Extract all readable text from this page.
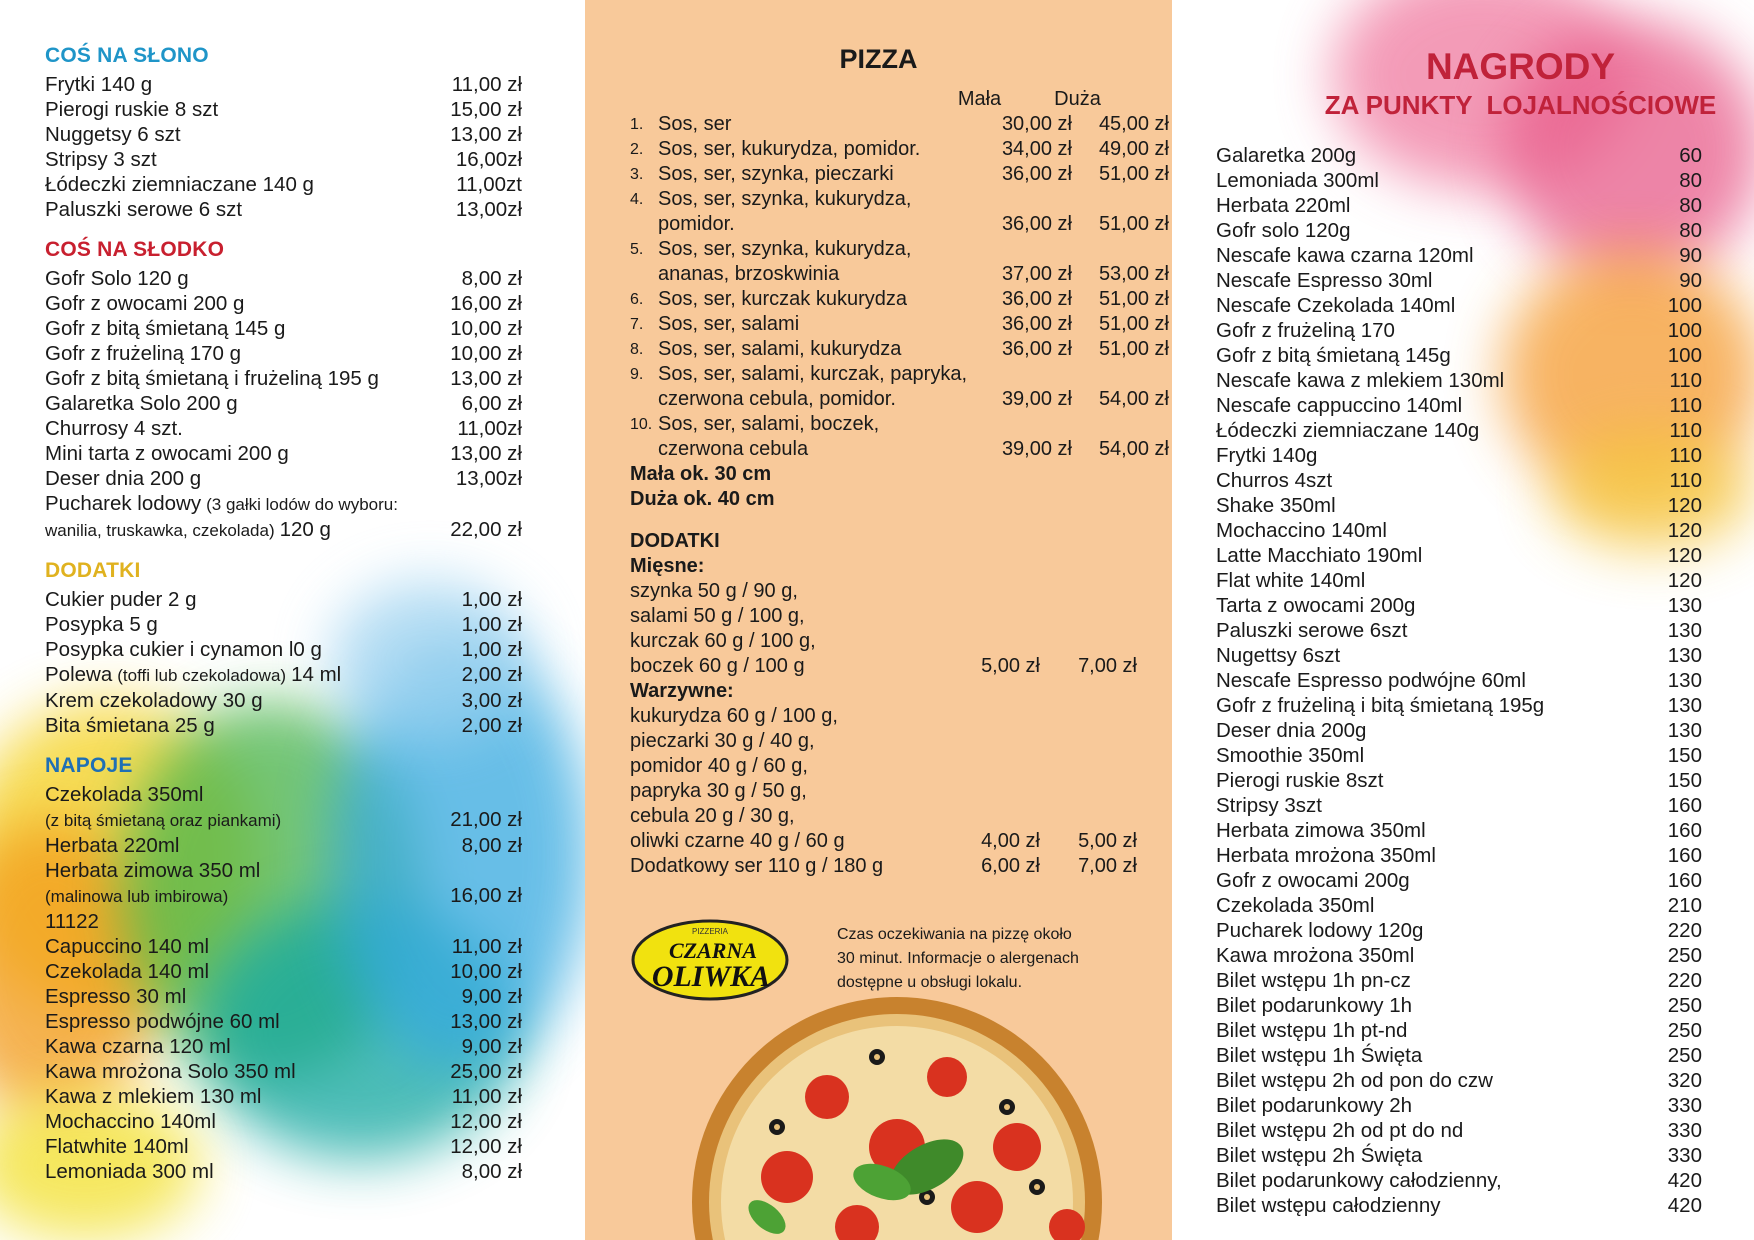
COŚ NA SŁONO
Frytki 140 g	11,00 zł
Pierogi ruskie 8 szt	15,00 zł
Nuggetsy 6 szt	13,00 zł
Stripsy 3 szt	16,00zł
Łódeczki ziemniaczane 140 g	11,00zt
Paluszki serowe 6 szt	13,00zł
COŚ NA SŁODKO
Gofr Solo 120 g	8,00 zł
Gofr z owocami 200 g	16,00 zł
Gofr z bitą śmietaną 145 g	10,00 zł
Gofr z frużeliną 170 g	10,00 zł
Gofr z bitą śmietaną i frużeliną 195 g	13,00 zł
Galaretka Solo 200 g	6,00 zł
Churrosy 4 szt.	11,00zł
Mini tarta z owocami 200 g	13,00 zł
Deser dnia 200 g	13,00zł
Pucharek lodowy (3 gałki lodów do wyboru:
wanilia, truskawka, czekolada) 120 g	22,00 zł
DODATKI
Cukier puder 2 g	1,00 zł
Posypka 5 g	1,00 zł
Posypka cukier i cynamon l0 g	1,00 zł
Polewa (toffi lub czekoladowa) 14 ml	2,00 zł
Krem czekoladowy 30 g	3,00 zł
Bita śmietana 25 g	2,00 zł
NAPOJE
Czekolada 350ml
(z bitą śmietaną oraz piankami)	21,00 zł
Herbata 220ml	8,00 zł
Herbata zimowa 350 ml
(malinowa lub imbirowa)	16,00 zł
11122
Capuccino 140 ml	11,00 zł
Czekolada 140 ml	10,00 zł
Espresso 30 ml	9,00 zł
Espresso podwójne 60 ml	13,00 zł
Kawa czarna 120 ml	9,00 zł
Kawa mrożona Solo 350 ml	25,00 zł
Kawa z mlekiem 130 ml	11,00 zł
Mochaccino 140ml	12,00 zł
Flatwhite 140ml	12,00 zł
Lemoniada 300 ml	8,00 zł
PIZZA
Mała	Duża
1. Sos, ser	30,00 zł	45,00 zł
2. Sos, ser, kukurydza, pomidor.	34,00 zł	49,00 zł
3. Sos, ser, szynka, pieczarki	36,00 zł	51,00 zł
4. Sos, ser, szynka, kukurydza,
pomidor.	36,00 zł	51,00 zł
5. Sos, ser, szynka, kukurydza,
ananas, brzoskwinia	37,00 zł	53,00 zł
6. Sos, ser, kurczak kukurydza	36,00 zł	51,00 zł
7. Sos, ser, salami	36,00 zł	51,00 zł
8. Sos, ser, salami, kukurydza	36,00 zł	51,00 zł
9. Sos, ser, salami, kurczak, papryka,
czerwona cebula, pomidor.	39,00 zł	54,00 zł
10. Sos, ser, salami, boczek,
czerwona cebula	39,00 zł	54,00 zł
Mała ok. 30 cm
Duża ok. 40 cm
DODATKI
Mięsne:
szynka 50 g / 90 g,
salami 50 g / 100 g,
kurczak 60 g / 100 g,
boczek 60 g / 100 g	5,00 zł	7,00 zł
Warzywne:
kukurydza 60 g / 100 g,
pieczarki 30 g / 40 g,
pomidor 40 g / 60 g,
papryka 30 g / 50 g,
cebula 20 g / 30 g,
oliwki czarne 40 g / 60 g	4,00 zł	5,00 zł
Dodatkowy ser 110 g / 180 g	6,00 zł	7,00 zł
PIZZERIA
CZARNA
OLIWKA
Czas oczekiwania na pizzę około
30 minut. Informacje o alergenach
dostępne u obsługi lokalu.
NAGRODY
ZA PUNKTY  LOJALNOŚCIOWE
Galaretka 200g	60
Lemoniada 300ml	80
Herbata 220ml	80
Gofr solo 120g	80
Nescafe kawa czarna 120ml	90
Nescafe Espresso 30ml	90
Nescafe Czekolada 140ml	100
Gofr z frużeliną 170	100
Gofr z bitą śmietaną 145g	100
Nescafe kawa z mlekiem 130ml	110
Nescafe cappuccino 140ml	110
Łódeczki ziemniaczane 140g	110
Frytki 140g	110
Churros 4szt	110
Shake 350ml	120
Mochaccino 140ml	120
Latte Macchiato 190ml	120
Flat white 140ml	120
Tarta z owocami 200g	130
Paluszki serowe 6szt	130
Nugettsy 6szt	130
Nescafe Espresso podwójne 60ml	130
Gofr z frużeliną i bitą śmietaną 195g	130
Deser dnia 200g	130
Smoothie 350ml	150
Pierogi ruskie 8szt	150
Stripsy 3szt	160
Herbata zimowa 350ml	160
Herbata mrożona 350ml	160
Gofr z owocami 200g	160
Czekolada 350ml	210
Pucharek lodowy 120g	220
Kawa mrożona 350ml	250
Bilet wstępu 1h pn-cz	220
Bilet podarunkowy 1h	250
Bilet wstępu 1h pt-nd	250
Bilet wstępu 1h Święta	250
Bilet wstępu 2h od pon do czw	320
Bilet podarunkowy 2h	330
Bilet wstępu 2h od pt do nd	330
Bilet wstępu 2h Święta	330
Bilet podarunkowy całodzienny,	420
Bilet wstępu całodzienny	420
